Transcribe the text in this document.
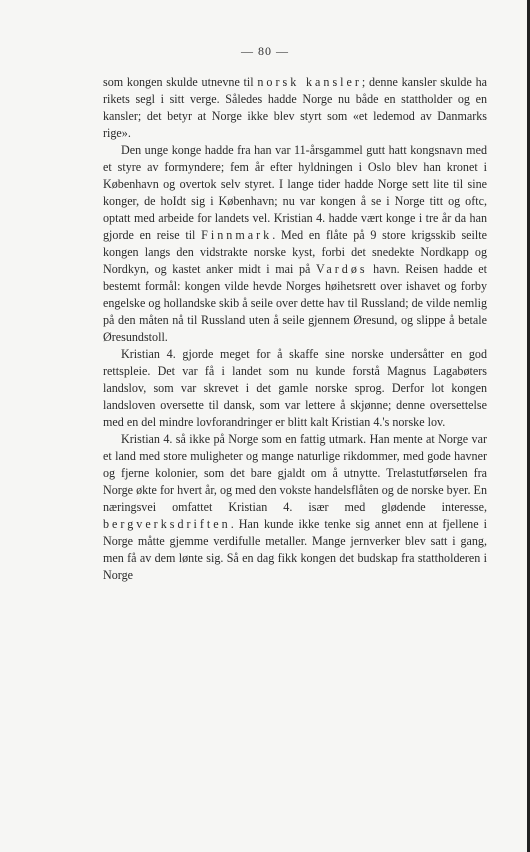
— 80 —

som kongen skulde utnevne til norsk kansler; denne kansler skulde ha rikets segl i sitt verge. Således hadde Norge nu både en stattholder og en kansler; det betyr at Norge ikke blev styrt som «et ledemod av Danmarks rige».

Den unge konge hadde fra han var 11-årsgammel gutt hatt kongsnavn med et styre av formyndere; fem år efter hyldningen i Oslo blev han kronet i København og overtok selv styret. I lange tider hadde Norge sett lite til sine konger, de hoIdt sig i København; nu var kongen å se i Norge titt og oftc, optatt med arbeide for landets vel. Kristian 4. hadde vært konge i tre år da han gjorde en reise til Finnmark. Med en flåte på 9 store krigsskib seilte kongen langs den vidstrakte norske kyst, forbi det snedekte Nordkapp og Nordkyn, og kastet anker midt i mai på Vardøs havn. Reisen hadde et bestemt formål: kongen vilde hevde Norges høihetsrett over ishavet og forby engelske og hollandske skib å seile over dette hav til Russland; de vilde nemlig på den måten nå til Russland uten å seile gjennem Øresund, og slippe å betale Øresundstoll.

Kristian 4. gjorde meget for å skaffe sine norske undersåtter en god rettspleie. Det var få i landet som nu kunde forstå Magnus Lagabøters landslov, som var skrevet i det gamle norske sprog. Derfor lot kongen landsloven oversette til dansk, som var lettere å skjønne; denne oversettelse med en del mindre lovforandringer er blitt kalt Kristian 4.'s norske lov.

Kristian 4. så ikke på Norge som en fattig utmark. Han mente at Norge var et land med store muligheter og mange naturlige rikdommer, med gode havner og fjerne kolonier, som det bare gjaldt om å utnytte. Trelastutførselen fra Norge økte for hvert år, og med den vokste handelsflåten og de norske byer. En næringsvei omfattet Kristian 4. især med glødende interesse, bergverksdriften. Han kunde ikke tenke sig annet enn at fjellene i Norge måtte gjemme verdifulle metaller. Mange jernverker blev satt i gang, men få av dem lønte sig. Så en dag fikk kongen det budskap fra stattholderen i Norge
